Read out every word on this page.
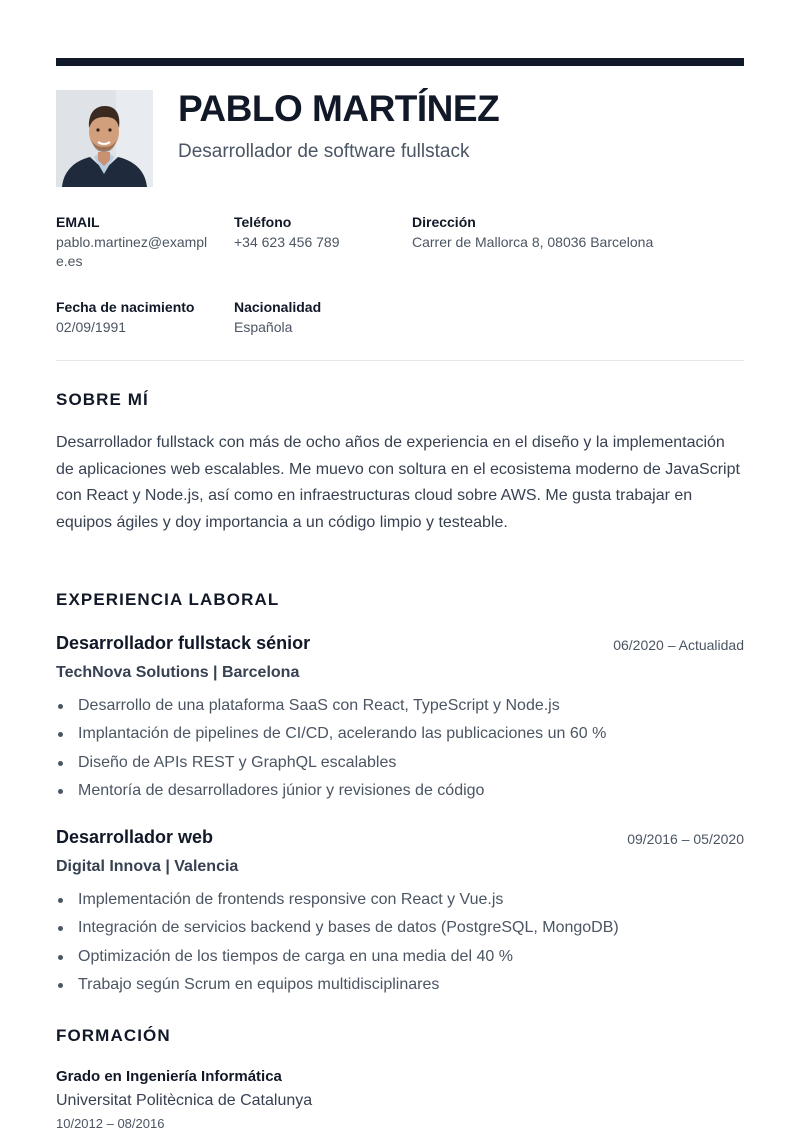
PABLO MARTÍNEZ
Desarrollador de software fullstack
EMAIL
pablo.martinez@example.es
Teléfono
+34 623 456 789
Dirección
Carrer de Mallorca 8, 08036 Barcelona
Fecha de nacimiento
02/09/1991
Nacionalidad
Española
SOBRE MÍ
Desarrollador fullstack con más de ocho años de experiencia en el diseño y la implementación de aplicaciones web escalables. Me muevo con soltura en el ecosistema moderno de JavaScript con React y Node.js, así como en infraestructuras cloud sobre AWS. Me gusta trabajar en equipos ágiles y doy importancia a un código limpio y testeable.
EXPERIENCIA LABORAL
Desarrollador fullstack sénior	06/2020 – Actualidad
TechNova Solutions | Barcelona
Desarrollo de una plataforma SaaS con React, TypeScript y Node.js
Implantación de pipelines de CI/CD, acelerando las publicaciones un 60 %
Diseño de APIs REST y GraphQL escalables
Mentoría de desarrolladores júnior y revisiones de código
Desarrollador web	09/2016 – 05/2020
Digital Innova | Valencia
Implementación de frontends responsive con React y Vue.js
Integración de servicios backend y bases de datos (PostgreSQL, MongoDB)
Optimización de los tiempos de carga en una media del 40 %
Trabajo según Scrum en equipos multidisciplinares
FORMACIÓN
Grado en Ingeniería Informática
Universitat Politècnica de Catalunya
10/2012 – 08/2016
